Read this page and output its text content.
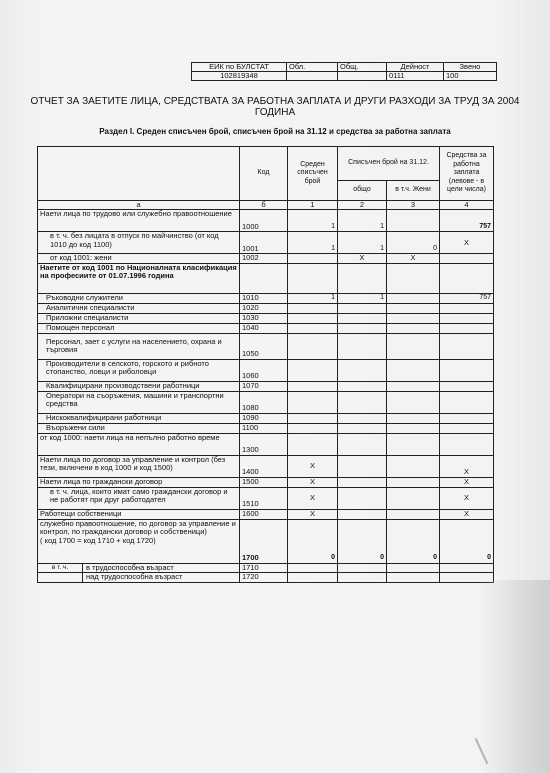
ЕИК по БУЛСТАТ	Обл.	Общ.	Дейност	Звено
102819348			0111	100
ОТЧЕТ ЗА ЗАЕТИТЕ ЛИЦА, СРЕДСТВАТА ЗА РАБОТНА ЗАПЛАТА И ДРУГИ РАЗХОДИ ЗА ТРУД ЗА 2004 ГОДИНА
Раздел I. Среден списъчен брой, списъчен брой на 31.12 и средства за работна заплата
	Код	Среден списъчен брой	Списъчен брой на 31.12.		Средства за работна заплата (левове - в цели числа)
			общо	в т.ч. Жени	
а	б	1	2	3	4
Наети лица по трудово или служебно правоотношение	1000	1	1		757
в т. ч. без лицата в отпуск по майчинство (от код 1010 до код 1100)	1001	1	1	0	X
от код 1001: жени	1002		X	X	
Наетите от код 1001 по Националната класификация на професиите от 01.07.1996 година					
Ръководни служители	1010	1	1		757
Аналитични специалисти	1020				
Приложни специалисти	1030				
Помощен персонал	1040				
Персонал, зает с услуги на населението, охрана и търговия	1050				
Производители в селското, горското и рибното стопанство, ловци и риболовци	1060				
Квалифицирани производствени работници	1070				
Оператори на съоръжения, машини и транспортни средства	1080				
Нискоквалифицирани работници	1090				
Въоръжени сили	1100				
от код 1000: наети лица на непълно работно време	1300				
Наети лица по договор за управление и контрол (без тези, включени в код 1000 и код 1500)	1400	X			X
Наети лица по граждански договор	1500	X			X
в т. ч. лица, които имат само граждански договор и не работят при друг работодател	1510	X			X
Работещи собственици	1600	X			X

служебно правоотношение, по договор за управление и контрол, по граждански договор и собственици)
( код 1700 = код 1710 + код 1720)	1700	0	0	0	0

в т. ч. в трудоспособна възраст	1710				

над трудоспособна възраст	1720				
